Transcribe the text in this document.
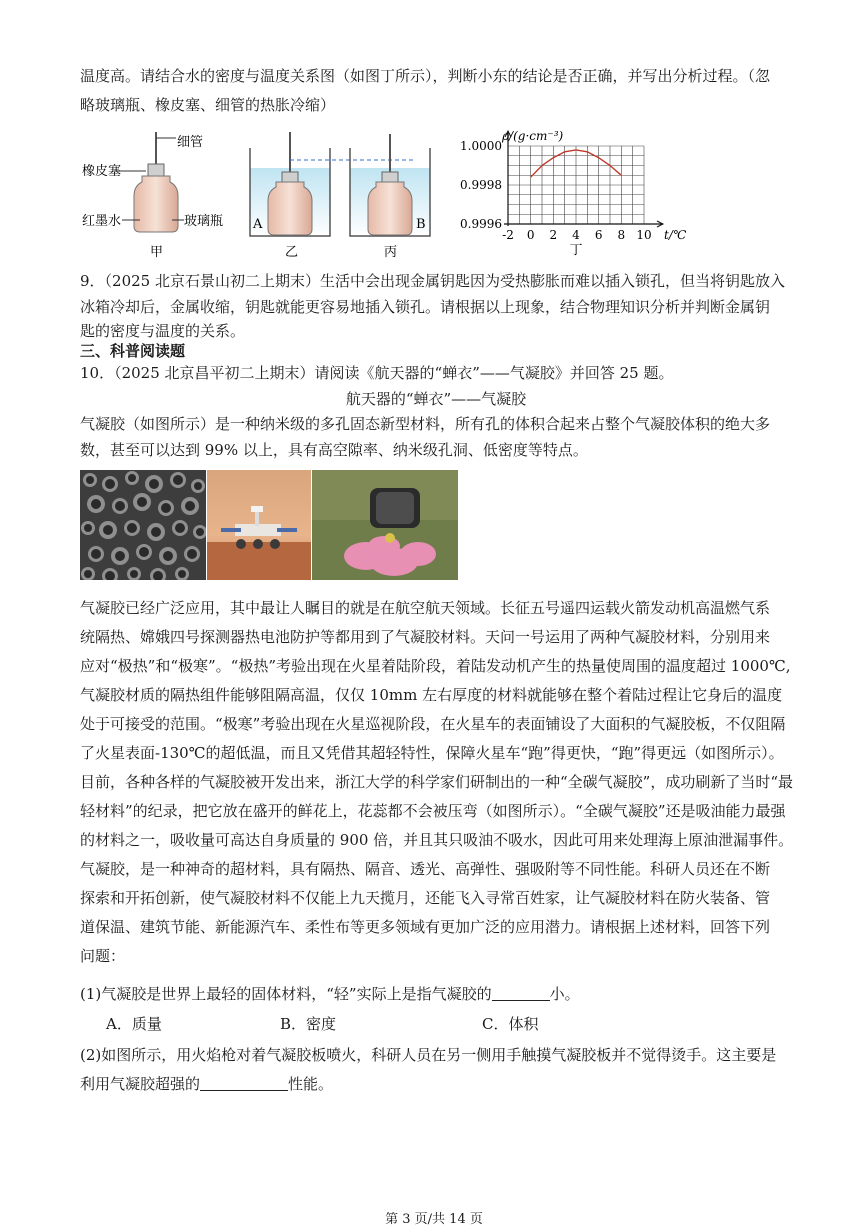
温度高。请结合水的密度与温度关系图（如图丁所示），判断小东的结论是否正确，并写出分析过程。（忽

略玻璃瓶、橡皮塞、细管的热胀冷缩）

细管
橡皮塞
红墨水	玻璃瓶
甲
A
乙
B
丙
1.0000
0.9998
0.9996
-2 0 2 4 6 8 10
ρ/(g·cm⁻³)
t/℃
丁

9．（2025 北京石景山初二上期末）生活中会出现金属钥匙因为受热膨胀而难以插入锁孔，但当将钥匙放入

冰箱冷却后，金属收缩，钥匙就能更容易地插入锁孔。请根据以上现象，结合物理知识分析并判断金属钥

匙的密度与温度的关系。

三、科普阅读题

10．（2025 北京昌平初二上期末）请阅读《航天器的“蝉衣”——气凝胶》并回答 25 题。

航天器的“蝉衣”——气凝胶

气凝胶（如图所示）是一种纳米级的多孔固态新型材料，所有孔的体积合起来占整个气凝胶体积的绝大多

数，甚至可以达到 99% 以上，具有高空隙率、纳米级孔洞、低密度等特点。

气凝胶已经广泛应用，其中最让人瞩目的就是在航空航天领域。长征五号遥四运载火箭发动机高温燃气系

统隔热、嫦娥四号探测器热电池防护等都用到了气凝胶材料。天问一号运用了两种气凝胶材料，分别用来

应对“极热”和“极寒”。“极热”考验出现在火星着陆阶段，着陆发动机产生的热量使周围的温度超过 1000℃,

气凝胶材质的隔热组件能够阻隔高温，仅仅 10mm 左右厚度的材料就能够在整个着陆过程让它身后的温度

处于可接受的范围。“极寒”考验出现在火星巡视阶段，在火星车的表面铺设了大面积的气凝胶板，不仅阻隔

了火星表面-130℃的超低温，而且又凭借其超轻特性，保障火星车“跑”得更快，“跑”得更远（如图所示）。

目前，各种各样的气凝胶被开发出来，浙江大学的科学家们研制出的一种“全碳气凝胶”，成功刷新了当时“最

轻材料”的纪录，把它放在盛开的鲜花上，花蕊都不会被压弯（如图所示）。“全碳气凝胶”还是吸油能力最强

的材料之一，吸收量可高达自身质量的 900 倍，并且其只吸油不吸水，因此可用来处理海上原油泄漏事件。

气凝胶，是一种神奇的超材料，具有隔热、隔音、透光、高弹性、强吸附等不同性能。科研人员还在不断

探索和开拓创新，使气凝胶材料不仅能上九天揽月，还能飞入寻常百姓家，让气凝胶材料在防火装备、管

道保温、建筑节能、新能源汽车、柔性布等更多领域有更加广泛的应用潜力。请根据上述材料，回答下列

问题：

(1)气凝胶是世界上最轻的固体材料，“轻”实际上是指气凝胶的	小。

A．质量	B．密度	C．体积

(2)如图所示，用火焰枪对着气凝胶板喷火，科研人员在另一侧用手触摸气凝胶板并不觉得烫手。这主要是

利用气凝胶超强的	性能。

第 3 页/共 14 页
